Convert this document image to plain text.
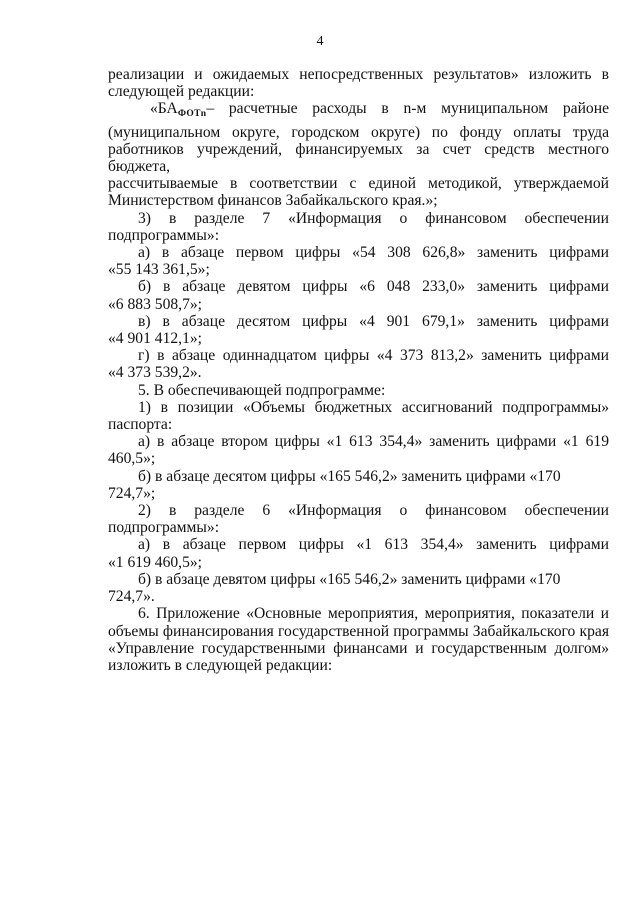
4

реализации и ожидаемых непосредственных результатов» изложить в

следующей редакции:

«$БА_{ФОТn}-$ расчетные расходы в n-м муниципальном районе

(муниципальном округе, городском округе) по фонду оплаты труда

работников учреждений, финансируемых за счет средств местного бюджета,

рассчитываемые в соответствии с единой методикой, утверждаемой

Министерством финансов Забайкальского края.»;

3) в разделе 7 «Информация о финансовом обеспечении подпрограммы»:

а) в абзаце первом цифры «54 308 626,8» заменить цифрами

«55 143 361,5»;

б) в абзаце девятом цифры «6 048 233,0» заменить цифрами

«6 883 508,7»;

в) в абзаце десятом цифры «4 901 679,1» заменить цифрами

«4 901 412,1»;

г) в абзаце одиннадцатом цифры «4 373 813,2» заменить цифрами

«4 373 539,2».

5. В обеспечивающей подпрограмме:

1) в позиции «Объемы бюджетных ассигнований подпрограммы»

паспорта:

а) в абзаце втором цифры «1 613 354,4» заменить цифрами «1 619 460,5»;

б) в абзаце десятом цифры «165 546,2» заменить цифрами «170 724,7»;

2) в разделе 6 «Информация о финансовом обеспечении подпрограммы»:

а) в абзаце первом цифры «1 613 354,4» заменить цифрами

«1 619 460,5»;

б) в абзаце девятом цифры «165 546,2» заменить цифрами «170 724,7».

6. Приложение «Основные мероприятия, мероприятия, показатели и

объемы финансирования государственной программы Забайкальского края

«Управление государственными финансами и государственным долгом»

изложить в следующей редакции:
